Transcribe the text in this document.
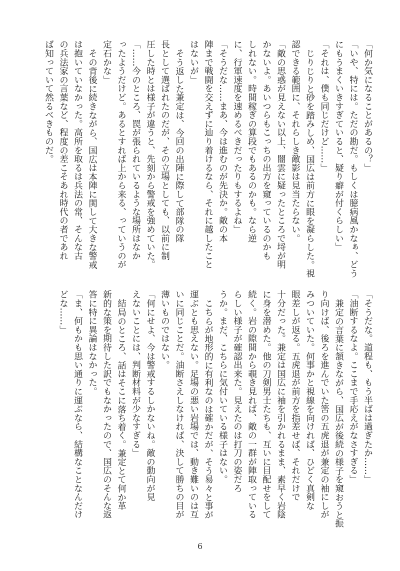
「何か気になることがあるの？」
「いや、特には。ただの勘だ。もしくは臆病風かなぁ、どう
にもうまくいきすぎていると、疑り癖が付くらしい」
「それは、僕も同じだけど……」
じりじりと砂を踏みしめ、国広は前方に眼を凝らした。視
認できる範囲に、それらしき敵影は見当たらない。
「敵の思惑が見えない以上、闇雲に疑ったところで埒が明
かないよ。あいつらもこっちの出方を窺っているのかも
しれない。時間稼ぎの算段でもあるのかも。なら逆
に、行軍速度を速めるべきだったりもするよね」
「そうだな……まあ、今は進むのが先決か。敵の本
陣まで戦闘を交えずに辿り着けるなら、それに越したこと
はないが」
そう返した兼定は、今回の出陣に際して部隊の隊
長として選ばれたのだが、その立場としても、以前に制
圧した時とは様子が違うと、先刻から警戒を強めていた。
「……今のところ、罠が張られているような場所はなか
ったようだけど。あるとすれば上から来る、っていうのが
定石かな」
その背後に続きながら、国広は本陣に関して大きな警戒
は抱いていなかった。高所を取るは兵法の常、そんな古
の兵法家の言葉など、程度の差こそあれ時代の者であれ
ば知っていて然るべきものだ。
「そうだな。道程も、もう半ばは過ぎたか……」
「油断するなよ。ここまで手応えがなさすぎる」
兼定の言葉に頷きながら、国広が後続の様子を窺おうと振
り向けば、後ろを進んでいた筈の五虎退が兼定の袖にしが
みついていた。何事かと視線を向ければ、ひどく真剣な
眼差しが返る。五虎退が前方を指差せば、それだけで
十分だった。兼定は国広に袖を引かれるまま、素早く岩陰
に身を潜めた。他の刀剣男士たちも、互いに目配せをして
続く。岩の隙間から覗き見れば、敵の一群が陣取っている
らしい様子が確認出来た。見えたのは打刀の姿だろ
うか。まだ、こちらに気付いている様子はない。
こちらが地形的に有利なのは確かだが、そう易々と事が
運ぶとも思えない。足場の悪い岩場では、動き難いのは互
いに同じことだ。油断さえしなければ、決して勝ちの目が
薄いものではない。
「何にせよ、今は警戒するしかないね。敵の動向が見
えないことには、判断材料が少なすぎる」
結局のところ、話はそこに落ち着く。兼定とて何か革
新的な策を期待した訳でもなかったので、国広のそんな返
答に特に異論はなかった。
「ま、何もかも思い通りに運ぶなら、結構なことなんだけ
どな……」
6
